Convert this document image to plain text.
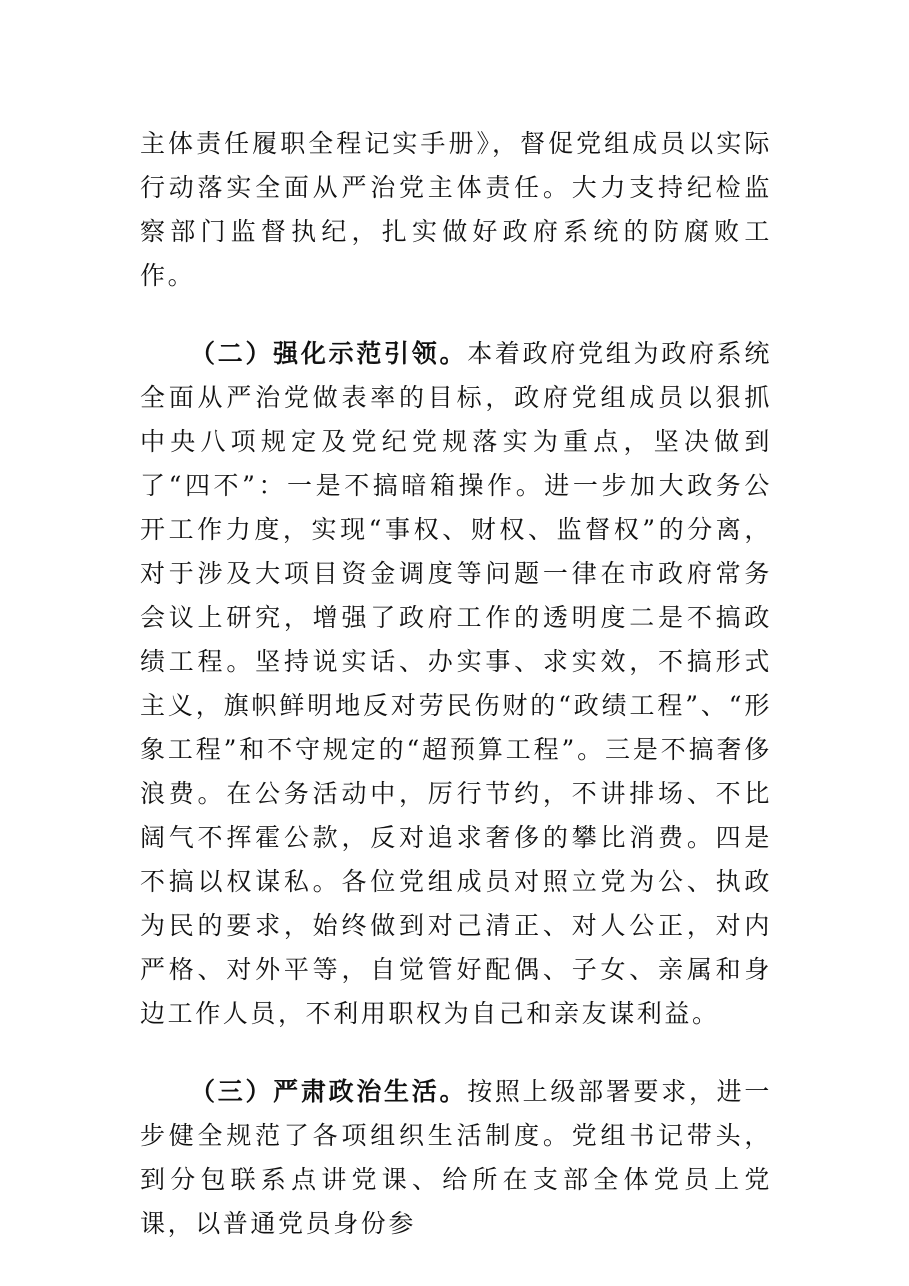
主体责任履职全程记实手册》，督促党组成员以实际行动落实全面从严治党主体责任。大力支持纪检监察部门监督执纪，扎实做好政府系统的防腐败工作。

（二）强化示范引领。本着政府党组为政府系统全面从严治党做表率的目标，政府党组成员以狠抓中央八项规定及党纪党规落实为重点，坚决做到了“四不”：一是不搞暗箱操作。进一步加大政务公开工作力度，实现“事权、财权、监督权”的分离，对于涉及大项目资金调度等问题一律在市政府常务会议上研究，增强了政府工作的透明度二是不搞政绩工程。坚持说实话、办实事、求实效，不搞形式主义，旗帜鲜明地反对劳民伤财的“政绩工程”、“形象工程”和不守规定的“超预算工程”。三是不搞奢侈浪费。在公务活动中，厉行节约，不讲排场、不比阔气不挥霍公款，反对追求奢侈的攀比消费。四是不搞以权谋私。各位党组成员对照立党为公、执政为民的要求，始终做到对己清正、对人公正，对内严格、对外平等，自觉管好配偶、子女、亲属和身边工作人员，不利用职权为自己和亲友谋利益。

（三）严肃政治生活。按照上级部署要求，进一步健全规范了各项组织生活制度。党组书记带头，到分包联系点讲党课、给所在支部全体党员上党课，以普通党员身份参
